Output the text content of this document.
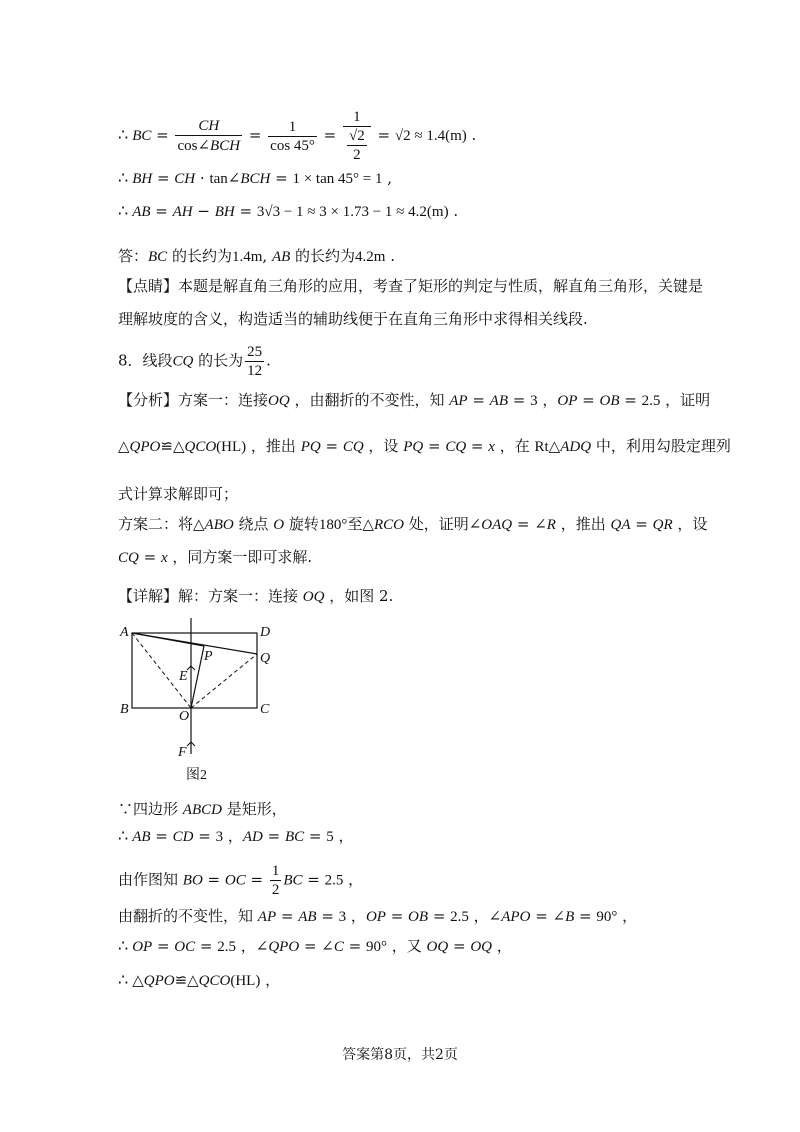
∴ BC = $\frac{CH}{\text{cos∠BCH}} = \frac{1}{\cos 45^\circ} = \frac{1}{\frac{√2}{2}} = √2 \approx 1.4(m)$ .
∴ BH = CH · tan∠BCH = 1 × tan 45° = 1 ,
∴ AB = AH − BH = 3√3 − 1 ≈ 3 × 1.73 − 1 ≈ 4.2(m) .
答：BC 的长约为1.4m, AB 的长约为4.2m .
【点睛】本题是解直角三角形的应用，考查了矩形的判定与性质，解直角三角形，关键是
理解坡度的含义，构造适当的辅助线便于在直角三角形中求得相关线段.
8．线段CQ 的长为 $\frac{25}{12}$ .
【分析】方案一：连接OQ ，由翻折的不变性，知 AP = AB = 3 ，OP = OB = 2.5 ，证明
△QPO≌△QCO(HL) ，推出 PQ = CQ ，设 PQ = CQ = x ，在 Rt△ADQ 中，利用勾股定理列
式计算求解即可；
方案二：将△ABO 绕点 O 旋转180°至△RCO 处，证明∠OAQ = ∠R ，推出 QA = QR ，设
CQ = x ，同方案一即可求解.
【详解】解：方案一：连接 OQ ，如图 2.
A	D
P	Q
E
B	O	C
F
图2
∵四边形 ABCD 是矩形，
∴ AB = CD = 3 ，AD = BC = 5 ，
由作图知 BO = OC = $\frac{1}{2}$ BC = 2.5 ，
由翻折的不变性，知 AP = AB = 3 ，OP = OB = 2.5 ，∠APO = ∠B = 90° ，
∴ OP = OC = 2.5 ，∠QPO = ∠C = 90° ，又 OQ = OQ ，
∴ △QPO≌△QCO(HL) ，
答案第8页，共2页
